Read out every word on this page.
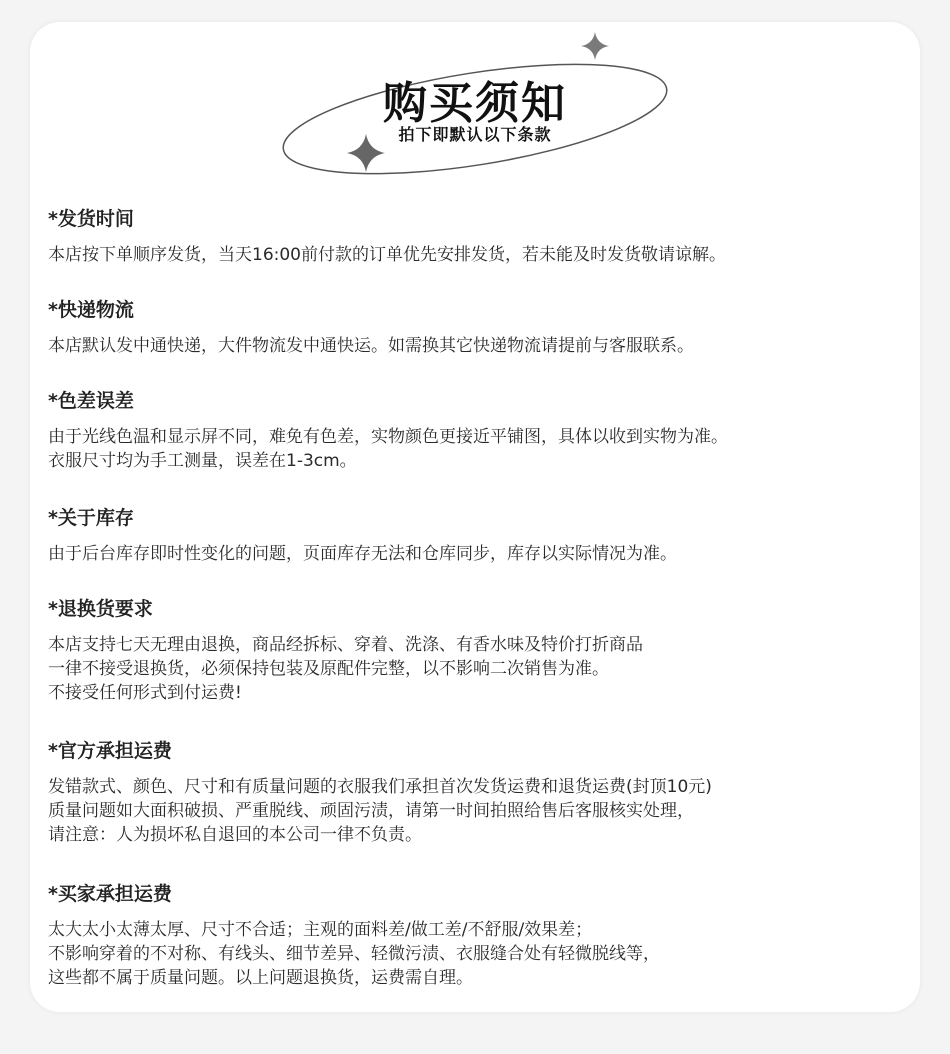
购买须知
拍下即默认以下条款
*发货时间
本店按下单顺序发货，当天16:00前付款的订单优先安排发货，若未能及时发货敬请谅解。
*快递物流
本店默认发中通快递，大件物流发中通快运。如需换其它快递物流请提前与客服联系。
*色差误差
由于光线色温和显示屏不同，难免有色差，实物颜色更接近平铺图，具体以收到实物为准。
衣服尺寸均为手工测量，误差在1-3cm。
*关于库存
由于后台库存即时性变化的问题，页面库存无法和仓库同步，库存以实际情况为准。
*退换货要求
本店支持七天无理由退换，商品经拆标、穿着、洗涤、有香水味及特价打折商品
一律不接受退换货，必须保持包装及原配件完整，以不影响二次销售为准。
不接受任何形式到付运费!
*官方承担运费
发错款式、颜色、尺寸和有质量问题的衣服我们承担首次发货运费和退货运费(封顶10元)
质量问题如大面积破损、严重脱线、顽固污渍，请第一时间拍照给售后客服核实处理，
请注意：人为损坏私自退回的本公司一律不负责。
*买家承担运费
太大太小太薄太厚、尺寸不合适；主观的面料差/做工差/不舒服/效果差；
不影响穿着的不对称、有线头、细节差异、轻微污渍、衣服缝合处有轻微脱线等，
这些都不属于质量问题。以上问题退换货，运费需自理。
